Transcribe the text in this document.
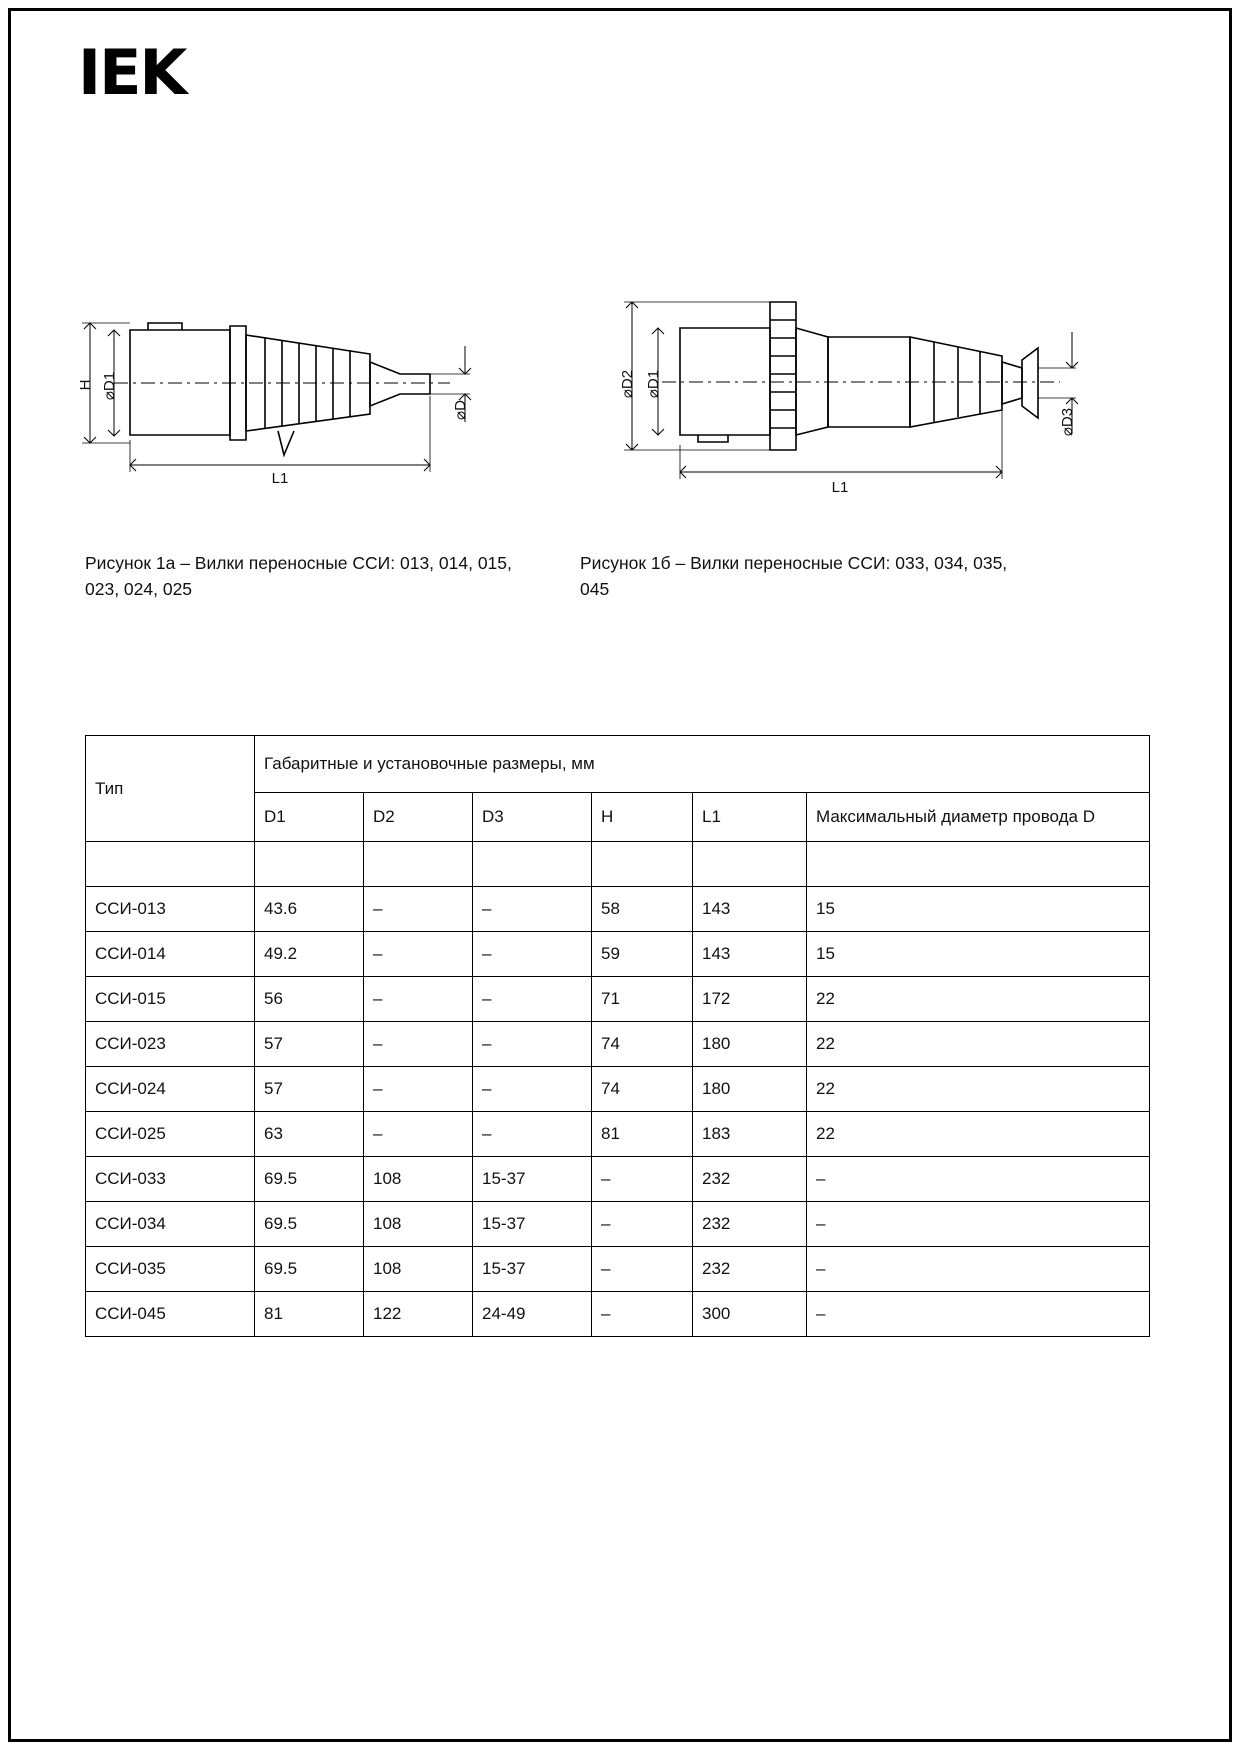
IEK
H ⌀D1
L1
⌀D
⌀D2 ⌀D1
L1
⌀D3
Рисунок 1а – Вилки переносные ССИ: 013, 014, 015, 023, 024, 025
Рисунок 1б – Вилки переносные ССИ: 033, 034, 035, 045
Тип	Габаритные и установочные размеры, мм					
	D1	D2	D3	H	L1	Максимальный диаметр провода D

ССИ-013	43.6	–	–	58	143	15
ССИ-014	49.2	–	–	59	143	15
ССИ-015	56	–	–	71	172	22
ССИ-023	57	–	–	74	180	22
ССИ-024	57	–	–	74	180	22
ССИ-025	63	–	–	81	183	22
ССИ-033	69.5	108	15-37	–	232	–
ССИ-034	69.5	108	15-37	–	232	–
ССИ-035	69.5	108	15-37	–	232	–
ССИ-045	81	122	24-49	–	300	–
